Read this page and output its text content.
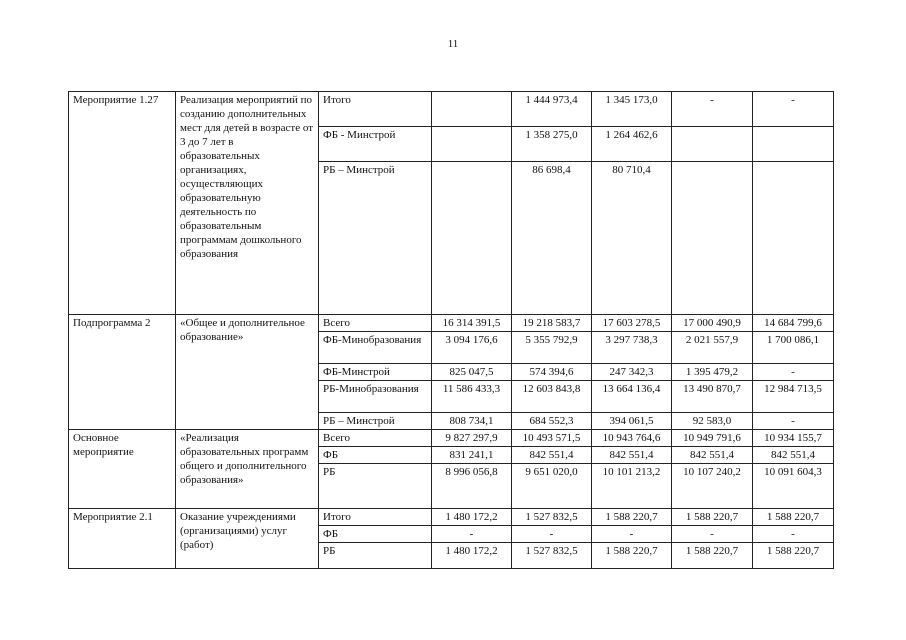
11
Мероприятие 1.27	Реализация мероприятий по созданию дополнительных мест для детей в возрасте от 3 до 7 лет в образовательных организациях, осуществляющих образовательную деятельность по образовательным программам дошкольного образования	Итого		1 444 973,4	1 345 173,0	-	-
		ФБ - Минстрой		1 358 275,0	1 264 462,6		
		РБ – Минстрой		86 698,4	80 710,4		
Подпрограмма 2	«Общее и дополнительное образование»	Всего	16 314 391,5	19 218 583,7	17 603 278,5	17 000 490,9	14 684 799,6
		ФБ-Минобразования	3 094 176,6	5 355 792,9	3 297 738,3	2 021 557,9	1 700 086,1
		ФБ-Минстрой	825 047,5	574 394,6	247 342,3	1 395 479,2	-
		РБ-Минобразования	11 586 433,3	12 603 843,8	13 664 136,4	13 490 870,7	12 984 713,5
		РБ – Минстрой	808 734,1	684 552,3	394 061,5	92 583,0	-
Основное мероприятие	«Реализация образовательных программ общего и дополнительного образования»	Всего	9 827 297,9	10 493 571,5	10 943 764,6	10 949 791,6	10 934 155,7
		ФБ	831 241,1	842 551,4	842 551,4	842 551,4	842 551,4
		РБ	8 996 056,8	9 651 020,0	10 101 213,2	10 107 240,2	10 091 604,3
Мероприятие 2.1	Оказание учреждениями (организациями) услуг (работ)	Итого	1 480 172,2	1 527 832,5	1 588 220,7	1 588 220,7	1 588 220,7
		ФБ	-	-	-	-	-
		РБ	1 480 172,2	1 527 832,5	1 588 220,7	1 588 220,7	1 588 220,7
